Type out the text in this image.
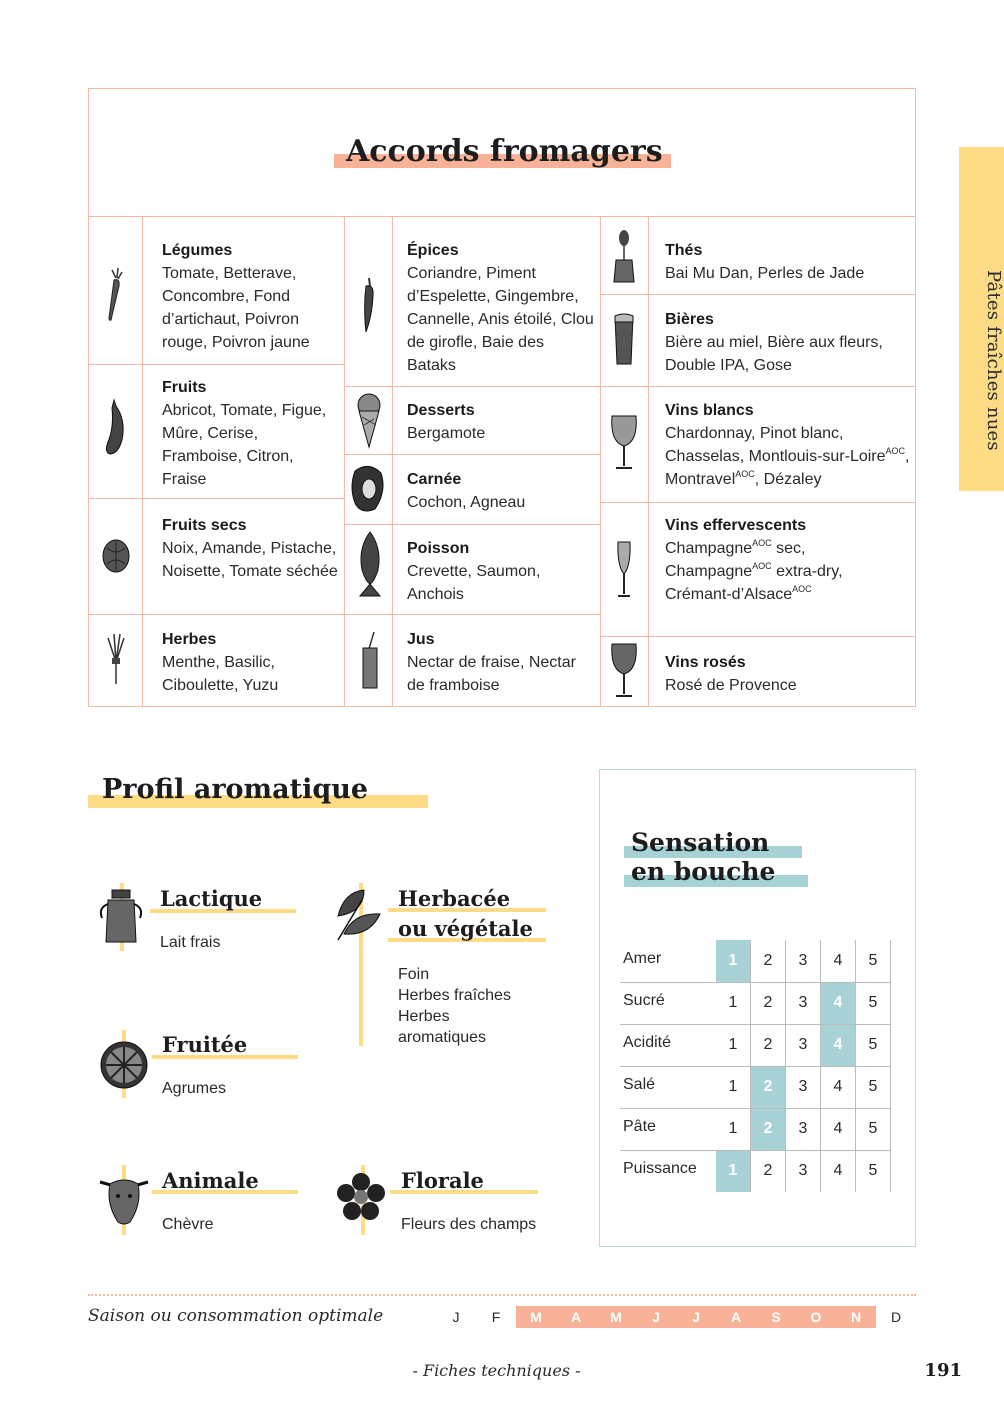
Pâtes fraîches nues
Accords fromagers
Légumes
Tomate, Betterave, Concombre, Fond d’artichaut, Poivron rouge, Poivron jaune
Fruits
Abricot, Tomate, Figue, Mûre, Cerise, Framboise, Citron, Fraise
Fruits secs
Noix, Amande, Pistache, Noisette, Tomate séchée
Herbes
Menthe, Basilic, Ciboulette, Yuzu
Épices
Coriandre, Piment d’Espelette, Gingembre, Cannelle, Anis étoilé, Clou de girofle, Baie des Bataks
Desserts
Bergamote
Carnée
Cochon, Agneau
Poisson
Crevette, Saumon, Anchois
Jus
Nectar de fraise, Nectar de framboise
Thés
Bai Mu Dan, Perles de Jade
Bières
Bière au miel, Bière aux fleurs, Double IPA, Gose
Vins blancs
Chardonnay, Pinot blanc, Chasselas, Montlouis-sur-Loire$^{AOC}$, Montravel$^{AOC}$, Dézaley
Vins effervescents
Champagne$^{AOC}$ sec, Champagne$^{AOC}$ extra-dry, Crémant-d’Alsace$^{AOC}$
Vins rosés
Rosé de Provence
Profil aromatique
Lactique
Lait frais
Herbacée
ou végétale
Foin
Herbes fraîches
Herbes
aromatiques
Fruitée
Agrumes
Animale
Chèvre
Florale
Fleurs des champs
Sensation
en bouche
Amer	1	2	3	4	5
Sucré	1	2	3	4	5
Acidité	1	2	3	4	5
Salé	1	2	3	4	5
Pâte	1	2	3	4	5
Puissance	1	2	3	4	5
Saison ou consommation optimale	J	F	M	A	M	J	J	A	S	O	N	D
- Fiches techniques -	191
